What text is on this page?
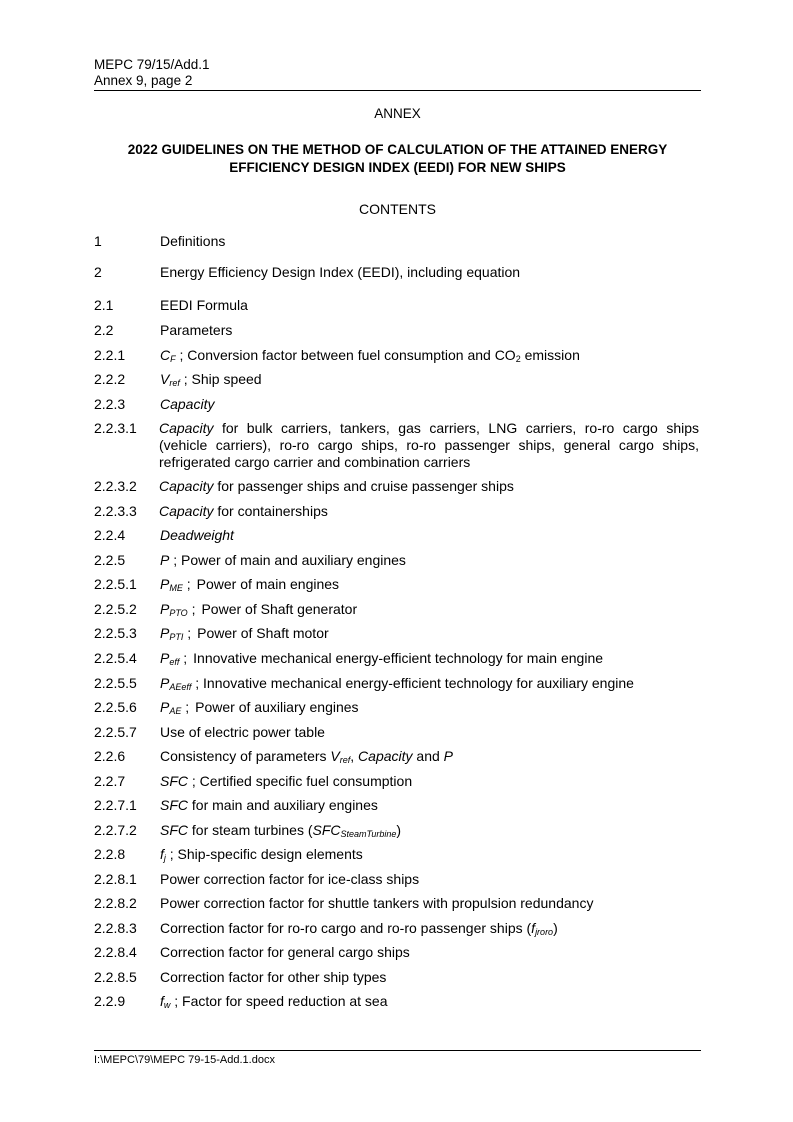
MEPC 79/15/Add.1
Annex 9, page 2
ANNEX
2022 GUIDELINES ON THE METHOD OF CALCULATION OF THE ATTAINED ENERGY
EFFICIENCY DESIGN INDEX (EEDI) FOR NEW SHIPS
CONTENTS
1	Definitions
2	Energy Efficiency Design Index (EEDI), including equation
2.1	EEDI Formula
2.2	Parameters
2.2.1 $C_F$ ; Conversion factor between fuel consumption and $CO_2$ emission
2.2.2 $V_{ref}$ ; Ship speed
2.2.3 Capacity
2.2.3.1 Capacity for bulk carriers, tankers, gas carriers, LNG carriers, ro-ro cargo ships (vehicle carriers), ro-ro cargo ships, ro-ro passenger ships, general cargo ships, refrigerated cargo carrier and combination carriers
2.2.3.2 Capacity for passenger ships and cruise passenger ships
2.2.3.3 Capacity for containerships
2.2.4 Deadweight
2.2.5 P ; Power of main and auxiliary engines
2.2.5.1 $P_{ME}$ ; Power of main engines
2.2.5.2 $P_{PTO}$ ; Power of Shaft generator
2.2.5.3 $P_{PTI}$ ; Power of Shaft motor
2.2.5.4 $P_{eff}$ ; Innovative mechanical energy-efficient technology for main engine
2.2.5.5 $P_{AEeff}$ ; Innovative mechanical energy-efficient technology for auxiliary engine
2.2.5.6 $P_{AE}$ ; Power of auxiliary engines
2.2.5.7 Use of electric power table
2.2.6 Consistency of parameters $V_{ref}$, Capacity and P
2.2.7 SFC ; Certified specific fuel consumption
2.2.7.1 SFC for main and auxiliary engines
2.2.7.2 SFC for steam turbines $(SFC_{SteamTurbine})$
2.2.8 $f_j$ ; Ship-specific design elements
2.2.8.1 Power correction factor for ice-class ships
2.2.8.2 Power correction factor for shuttle tankers with propulsion redundancy
2.2.8.3 Correction factor for ro-ro cargo and ro-ro passenger ships $(f_{jroro})$
2.2.8.4 Correction factor for general cargo ships
2.2.8.5 Correction factor for other ship types
2.2.9 $f_w$ ; Factor for speed reduction at sea
I:\MEPC\79\MEPC 79-15-Add.1.docx
